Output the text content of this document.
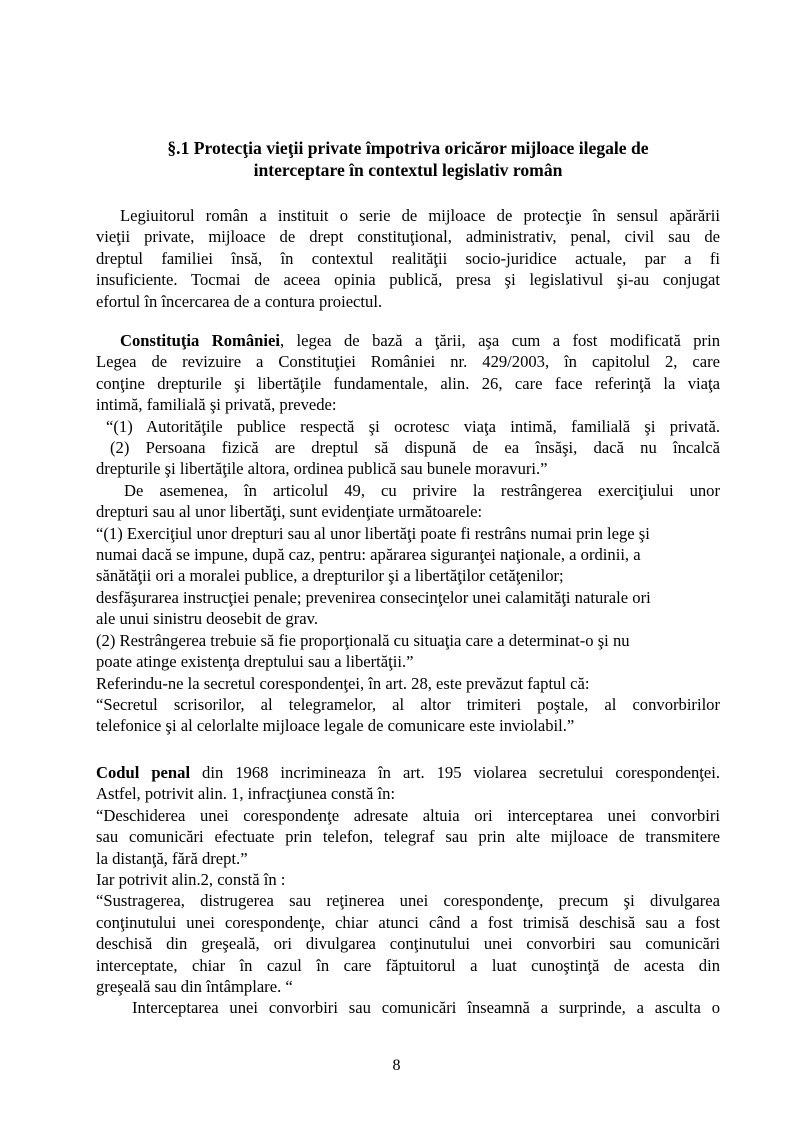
§.1 Protecţia vieţii private împotriva oricăror mijloace ilegale de
interceptare în contextul legislativ român
Legiuitorul român a instituit o serie de mijloace de protecţie în sensul apărării
vieţii private, mijloace de drept constituţional, administrativ, penal, civil sau de
dreptul familiei însă, în contextul realităţii socio-juridice actuale, par a fi
insuficiente. Tocmai de aceea opinia publică, presa şi legislativul şi-au conjugat
efortul în încercarea de a contura proiectul.
Constituţia României, legea de bază a ţării, aşa cum a fost modificată prin
Legea de revizuire a Constituţiei României nr. 429/2003, în capitolul 2, care
conţine drepturile şi libertăţile fundamentale, alin. 26, care face referinţă la viaţa
intimă, familială şi privată, prevede:
“(1) Autorităţile publice respectă şi ocrotesc viaţa intimă, familială şi privată.
(2) Persoana fizică are dreptul să dispună de ea însăşi, dacă nu încalcă
drepturile şi libertăţile altora, ordinea publică sau bunele moravuri.”
De asemenea, în articolul 49, cu privire la restrângerea exerciţiului unor
drepturi sau al unor libertăţi, sunt evidenţiate următoarele:
“(1) Exerciţiul unor drepturi sau al unor libertăţi poate fi restrâns numai prin lege şi
numai dacă se impune, după caz, pentru: apărarea siguranţei naţionale, a ordinii, a
sănătăţii ori a moralei publice, a drepturilor şi a libertăţilor cetăţenilor;
desfăşurarea instrucţiei penale; prevenirea consecinţelor unei calamităţi naturale ori
ale unui sinistru deosebit de grav.
(2) Restrângerea trebuie să fie proporţională cu situaţia care a determinat-o şi nu
poate atinge existenţa dreptului sau a libertăţii.”
Referindu-ne la secretul corespondenţei, în art. 28, este prevăzut faptul că:
“Secretul scrisorilor, al telegramelor, al altor trimiteri poştale, al convorbirilor
telefonice şi al celorlalte mijloace legale de comunicare este inviolabil.”
Codul penal din 1968 incrimineaza în art. 195 violarea secretului corespondenţei.
Astfel, potrivit alin. 1, infracţiunea constă în:
“Deschiderea unei corespondenţe adresate altuia ori interceptarea unei convorbiri
sau comunicări efectuate prin telefon, telegraf sau prin alte mijloace de transmitere
la distanţă, fără drept.”
Iar potrivit alin.2, constă în :
“Sustragerea, distrugerea sau reţinerea unei corespondenţe, precum şi divulgarea
conţinutului unei corespondenţe, chiar atunci când a fost trimisă deschisă sau a fost
deschisă din greşeală, ori divulgarea conţinutului unei convorbiri sau comunicări
interceptate, chiar în cazul în care făptuitorul a luat cunoştinţă de acesta din
greşeală sau din întâmplare. “
Interceptarea unei convorbiri sau comunicări înseamnă a surprinde, a asculta o
8
